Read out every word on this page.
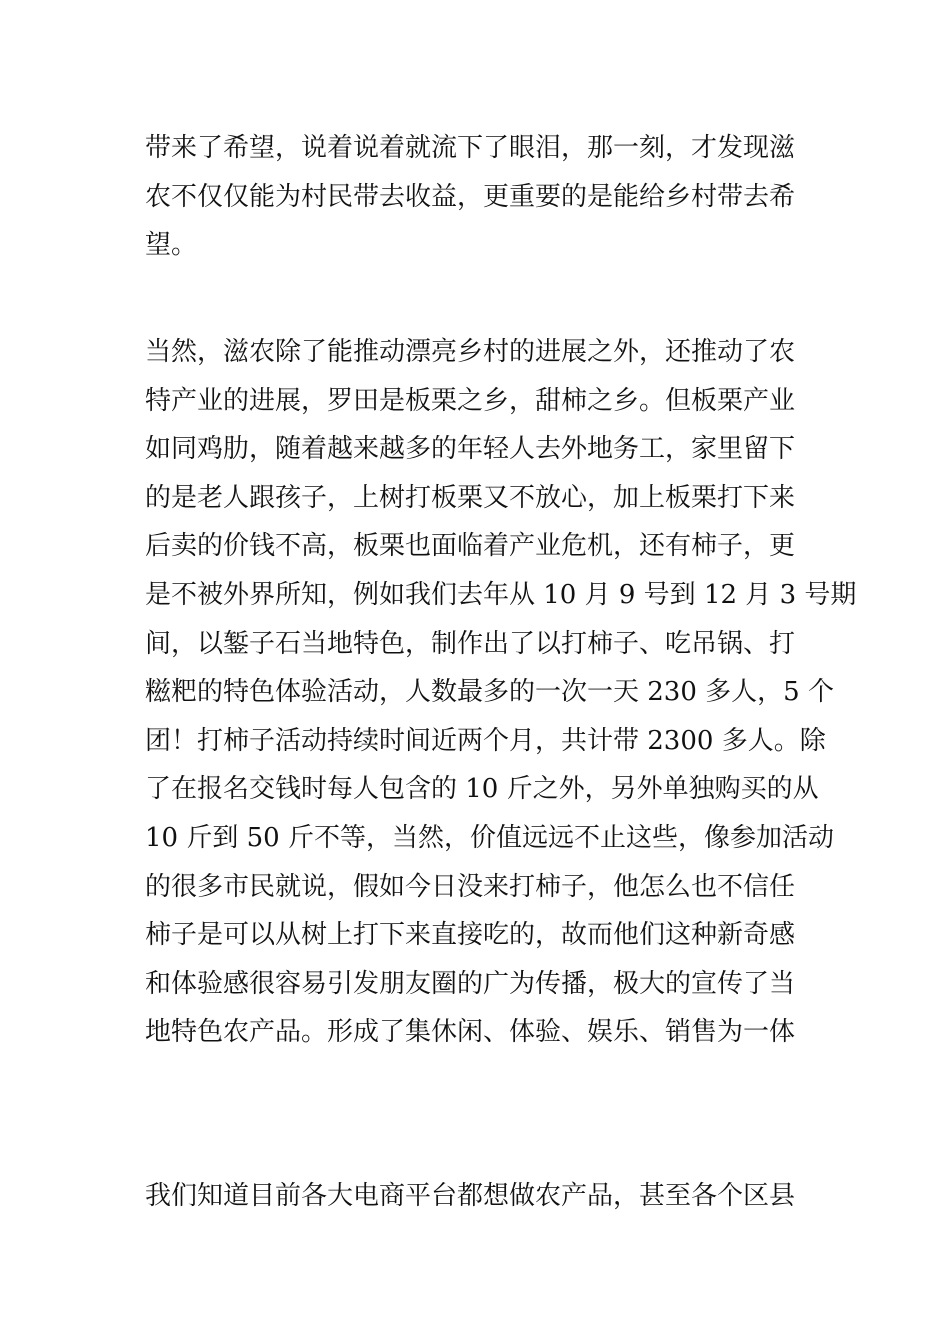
带来了希望，说着说着就流下了眼泪，那一刻，才发现滋
农不仅仅能为村民带去收益，更重要的是能给乡村带去希
望。

当然，滋农除了能推动漂亮乡村的进展之外，还推动了农
特产业的进展，罗田是板栗之乡，甜柿之乡。但板栗产业
如同鸡肋，随着越来越多的年轻人去外地务工，家里留下
的是老人跟孩子，上树打板栗又不放心，加上板栗打下来
后卖的价钱不高，板栗也面临着产业危机，还有柿子，更
是不被外界所知，例如我们去年从 10 月 9 号到 12 月 3 号期
间，以錾子石当地特色，制作出了以打柿子、吃吊锅、打
糍粑的特色体验活动，人数最多的一次一天 230 多人，5 个
团！打柿子活动持续时间近两个月，共计带 2300 多人。除
了在报名交钱时每人包含的 10 斤之外，另外单独购买的从
10 斤到 50 斤不等，当然，价值远远不止这些，像参加活动
的很多市民就说，假如今日没来打柿子，他怎么也不信任
柿子是可以从树上打下来直接吃的，故而他们这种新奇感
和体验感很容易引发朋友圈的广为传播，极大的宣传了当
地特色农产品。形成了集休闲、体验、娱乐、销售为一体

我们知道目前各大电商平台都想做农产品，甚至各个区县
